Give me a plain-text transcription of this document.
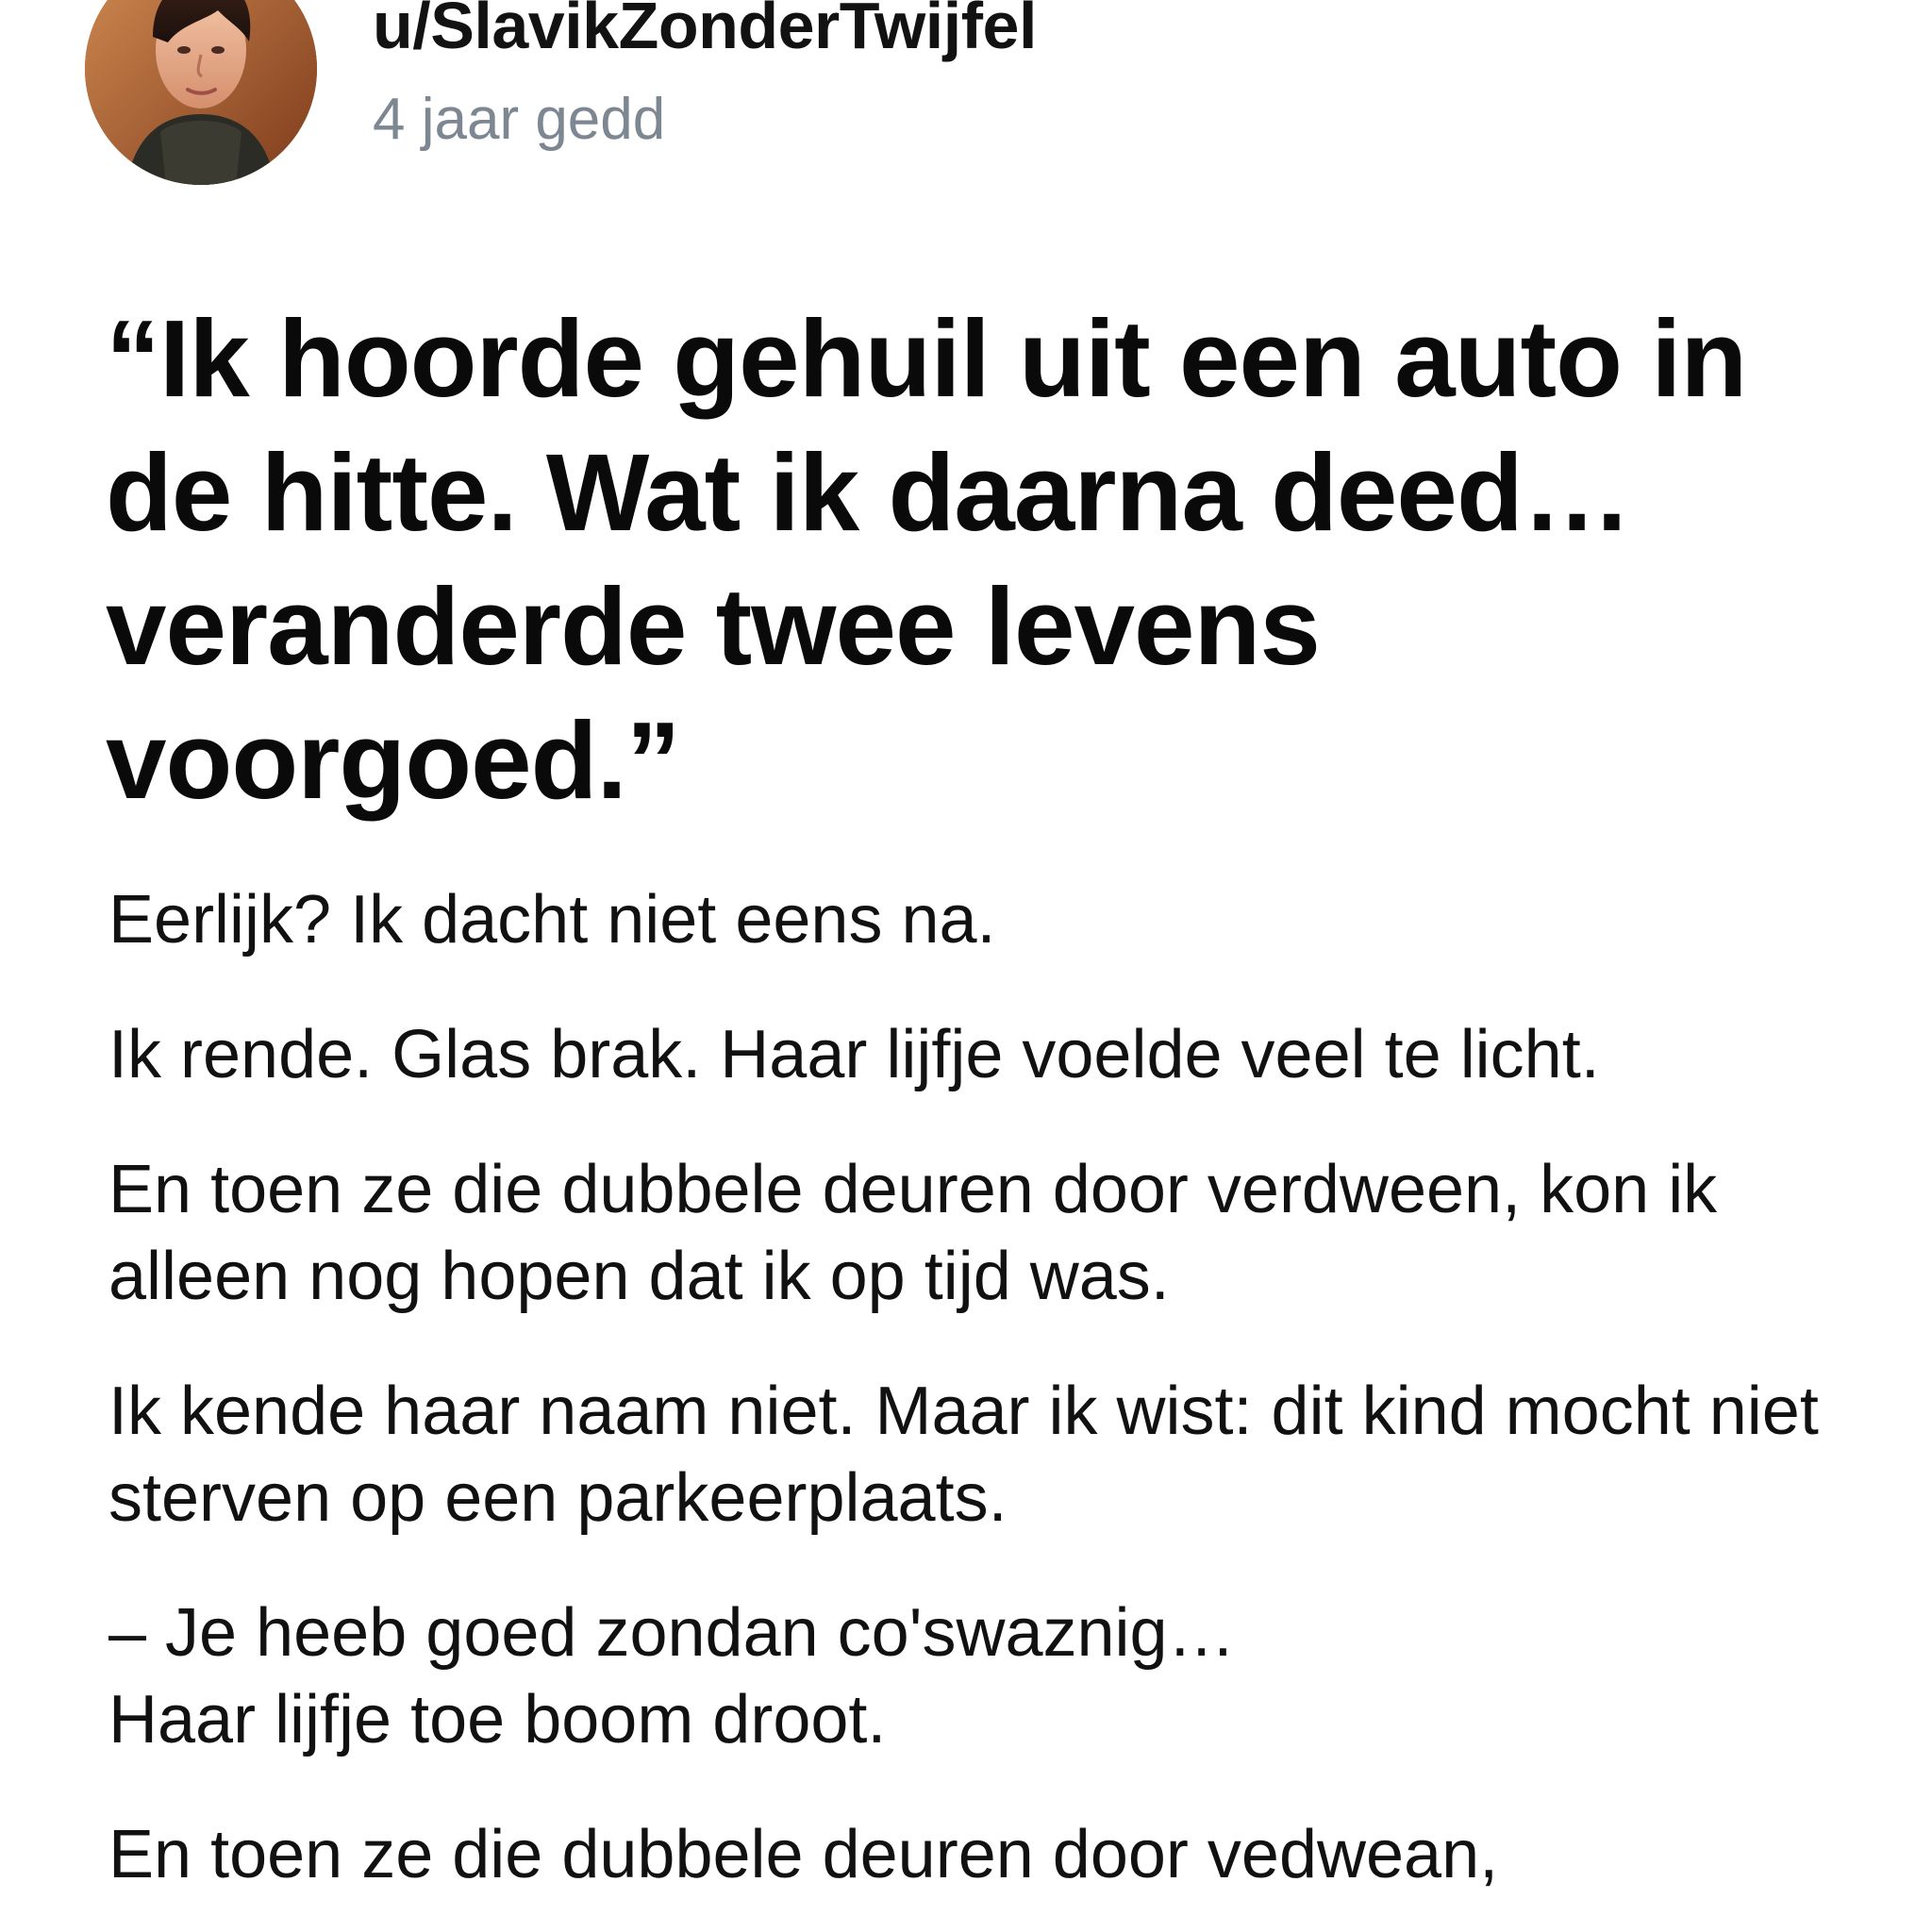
u/SlavikZonderTwijfel
4 jaar gedd
“Ik hoorde gehuil uit een auto in de hitte. Wat ik daarna deed… veranderde twee levens voorgoed.”

Eerlijk? Ik dacht niet eens na.

Ik rende. Glas brak. Haar lijfje voelde veel te licht.

En toen ze die dubbele deuren door verdween, kon ik alleen nog hopen dat ik op tijd was.

Ik kende haar naam niet. Maar ik wist: dit kind mocht niet sterven op een parkeerplaats.

– Je heeb goed zondan co'swaznig…
Haar lijfje toe boom droot.

En toen ze die dubbele deuren door vedwean,
